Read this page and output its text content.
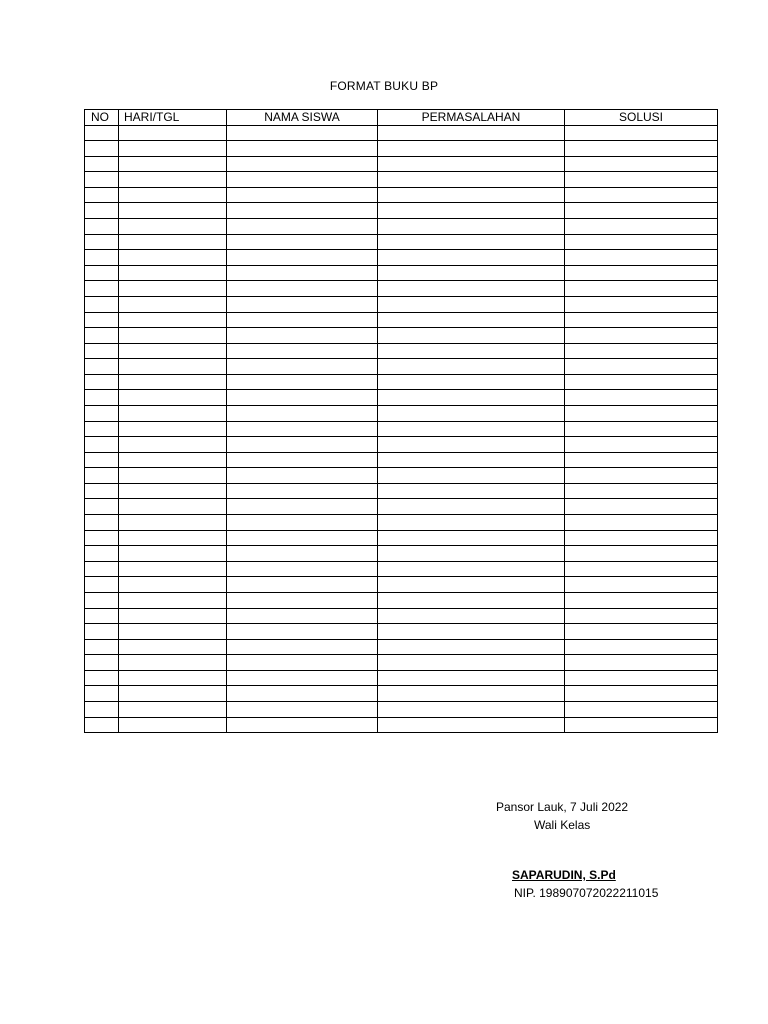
FORMAT BUKU BP
NO	HARI/TGL	NAMA SISWA	PERMASALAHAN	SOLUSI

Pansor Lauk, 7 Juli 2022
Wali Kelas
SAPARUDIN, S.Pd
NIP. 198907072022211015
